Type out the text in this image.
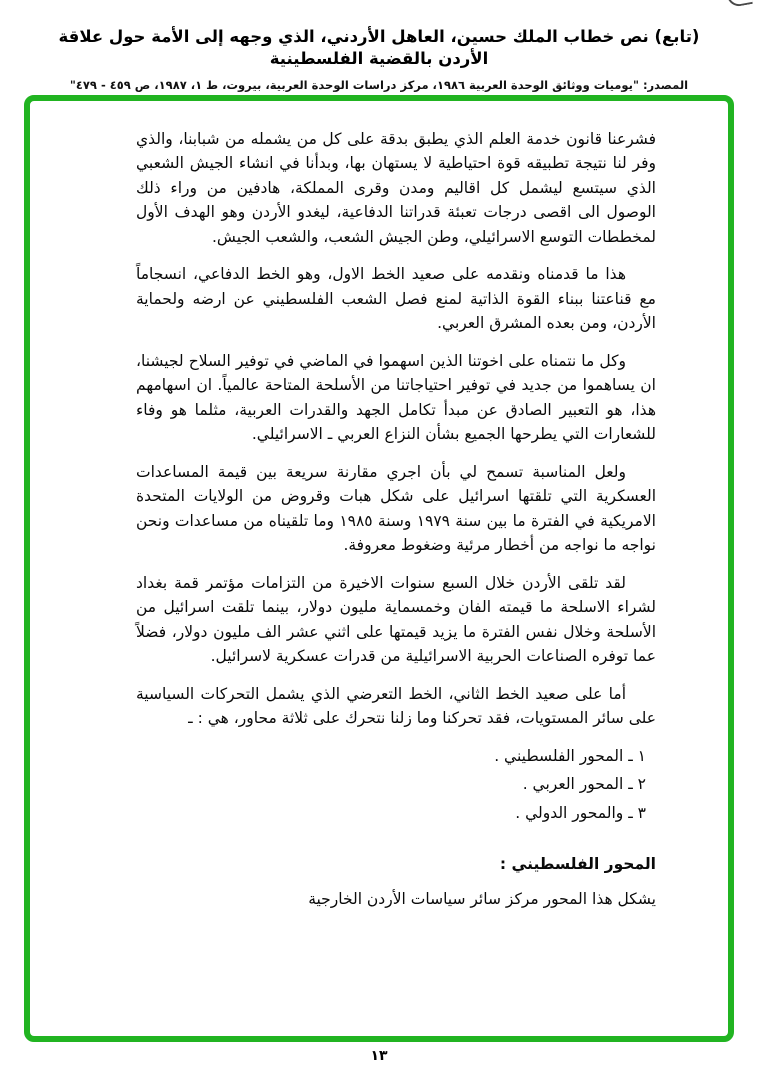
(تابع) نص خطاب الملك حسين، العاهل الأردني، الذي وجهه إلى الأمة حول علاقة الأردن بالقضية الفلسطينية
المصدر: "يوميات ووثائق الوحدة العربية ١٩٨٦، مركز دراسات الوحدة العربية، بيروت، ط ١، ١٩٨٧، ص ٤٥٩ - ٤٧٩"

فشرعنا قانون خدمة العلم الذي يطبق بدقة على كل من يشمله من شبابنا، والذي وفر لنا نتيجة تطبيقه قوة احتياطية لا يستهان بها، وبدأنا في انشاء الجيش الشعبي الذي سيتسع ليشمل كل اقاليم ومدن وقرى المملكة، هادفين من وراء ذلك الوصول الى اقصى درجات تعبئة قدراتنا الدفاعية، ليغدو الأردن وهو الهدف الأول لمخططات التوسع الاسرائيلي، وطن الجيش الشعب، والشعب الجيش.

هذا ما قدمناه ونقدمه على صعيد الخط الاول، وهو الخط الدفاعي، انسجاماً مع قناعتنا ببناء القوة الذاتية لمنع فصل الشعب الفلسطيني عن ارضه ولحماية الأردن، ومن بعده المشرق العربي.

وكل ما نتمناه على اخوتنا الذين اسهموا في الماضي في توفير السلاح لجيشنا، ان يساهموا من جديد في توفير احتياجاتنا من الأسلحة المتاحة عالمياً. ان اسهامهم هذا، هو التعبير الصادق عن مبدأ تكامل الجهد والقدرات العربية، مثلما هو وفاء للشعارات التي يطرحها الجميع بشأن النزاع العربي ـ الاسرائيلي.

ولعل المناسبة تسمح لي بأن اجري مقارنة سريعة بين قيمة المساعدات العسكرية التي تلقتها اسرائيل على شكل هبات وقروض من الولايات المتحدة الامريكية في الفترة ما بين سنة ١٩٧٩ وسنة ١٩٨٥ وما تلقيناه من مساعدات ونحن نواجه ما نواجه من أخطار مرئية وضغوط معروفة.

لقد تلقى الأردن خلال السبع سنوات الاخيرة من التزامات مؤتمر قمة بغداد لشراء الاسلحة ما قيمته الفان وخمسماية مليون دولار، بينما تلقت اسرائيل من الأسلحة وخلال نفس الفترة ما يزيد قيمتها على اثني عشر الف مليون دولار، فضلاً عما توفره الصناعات الحربية الاسرائيلية من قدرات عسكرية لاسرائيل.

أما على صعيد الخط الثاني، الخط التعرضي الذي يشمل التحركات السياسية على سائر المستويات، فقد تحركنا وما زلنا نتحرك على ثلاثة محاور، هي : ـ

١ ـ المحور الفلسطيني .
٢ ـ المحور العربي .
٣ ـ والمحور الدولي .
المحور الفلسطيني :

يشكل هذا المحور مركز سائر سياسات الأردن الخارجية

١٣
